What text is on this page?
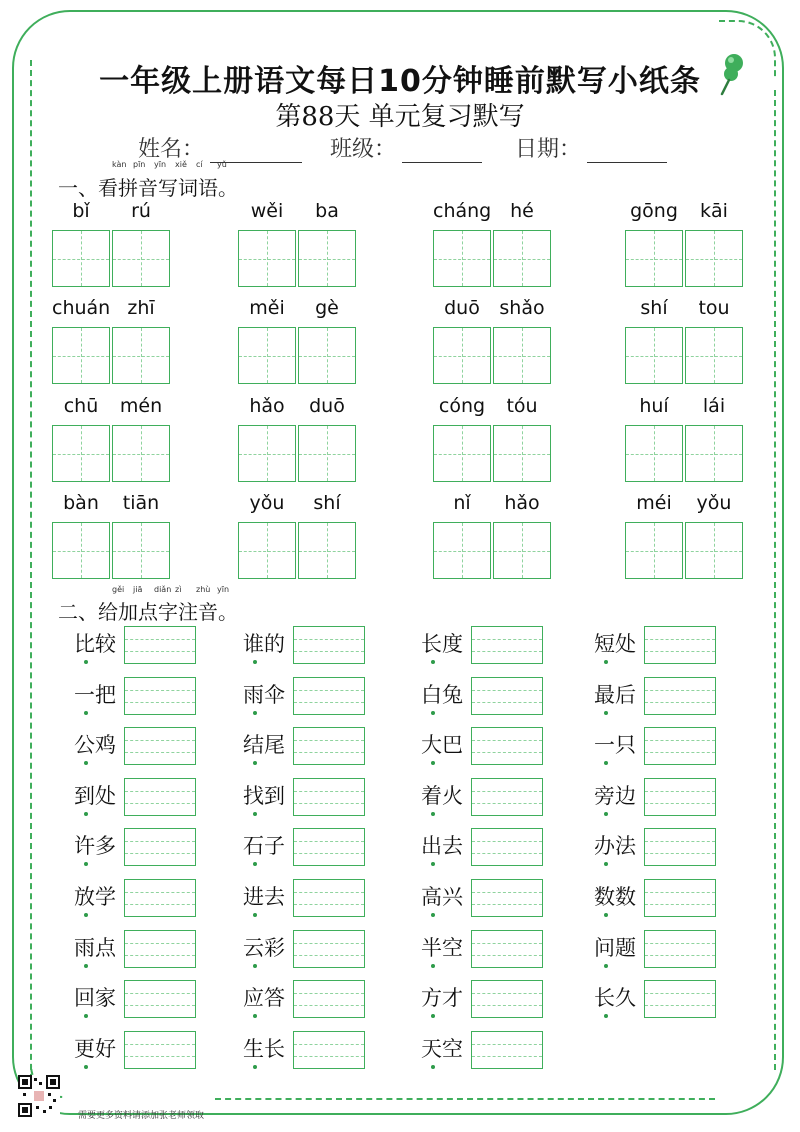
一年级上册语文每日10分钟睡前默写小纸条
第88天 单元复习默写
姓名：	班级：	日期：
kàn pīn yīn xiě cí yǔ
一、看拼音写词语。
bǐ	rú	wěi	ba	cháng hé	gōng	kāi
chuán zhī	měi	gè	duō	shǎo	shí	tou
chū	mén	hǎo	duō	cóng	tóu	huí	lái
bàn	tiān	yǒu	shí	nǐ	hǎo	méi	yǒu
gěi jiā diǎn zì zhù yīn
二、给加点字注音。
比较	谁的	长度	短处
一把	雨伞	白兔	最后
公鸡	结尾	大巴	一只
到处	找到	着火	旁边
许多	石子	出去	办法
放学	进去	高兴	数数
雨点	云彩	半空	问题
回家	应答	方才	长久
更好	生长	天空
需要更多资料请添加张老师领取
